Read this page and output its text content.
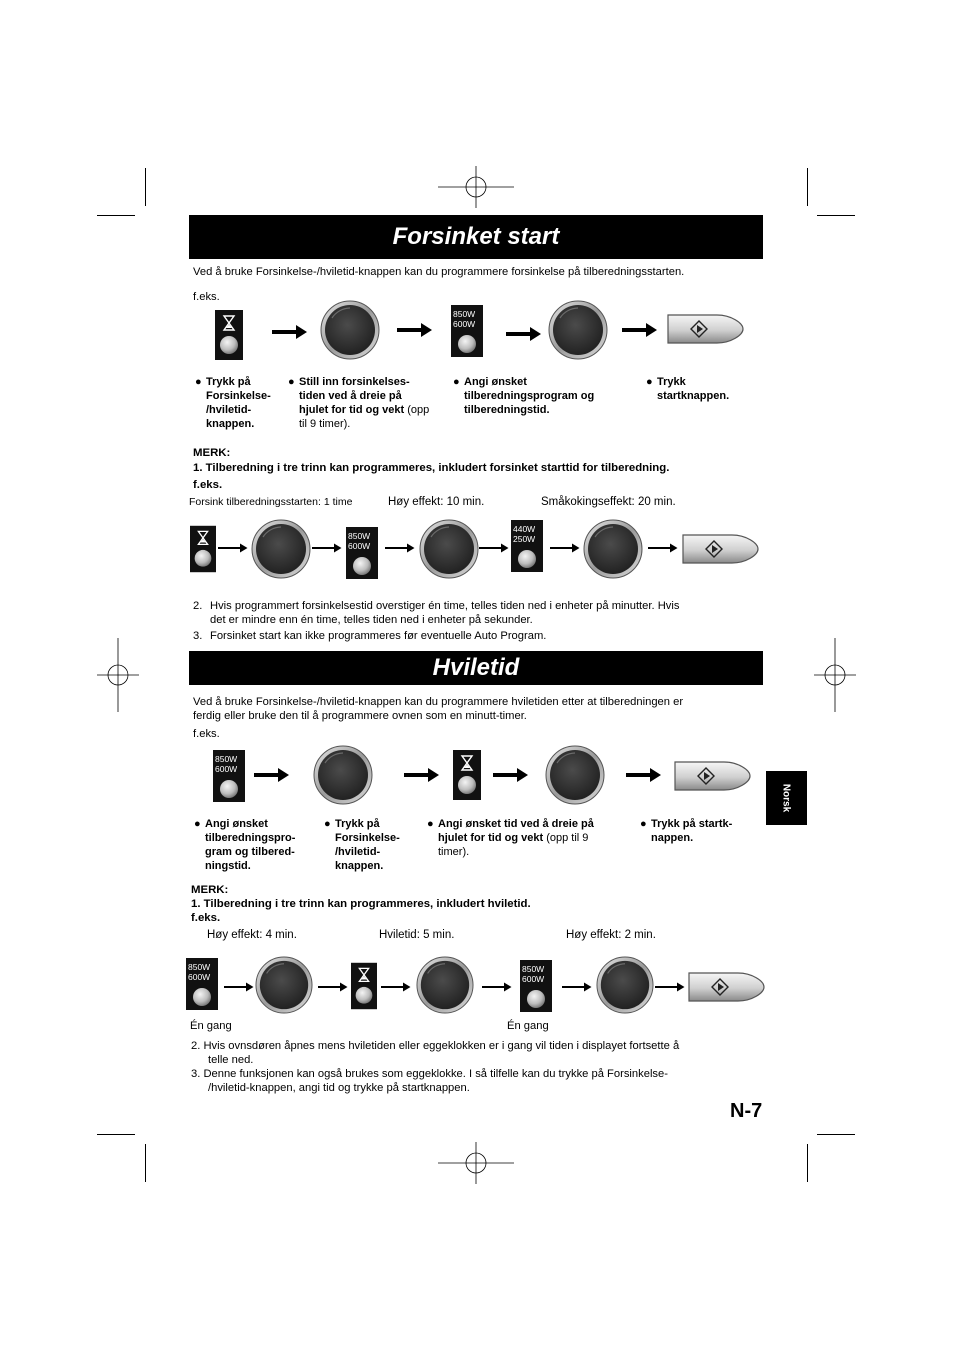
Forsinket start
Ved å bruke Forsinkelse-/hviletid-knappen kan du programmere forsinkelse på tilberedningsstarten.
f.eks.
850W
600W
● Trykk på Forsinkelse- /hviletid- knappen.
● Still inn forsinkelses- tiden ved å dreie på hjulet for tid og vekt (opp til 9 timer).
● Angi ønsket tilberedningsprogram og tilberedningstid.
● Trykk startknappen.
MERK:
1. Tilberedning i tre trinn kan programmeres, inkludert forsinket starttid for tilberedning.
f.eks.
Forsink tilberedningsstarten: 1 time	Høy effekt: 10 min.	Småkokingseffekt: 20 min.
850W
600W
440W
250W
2. Hvis programmert forsinkelsestid overstiger én time, telles tiden ned i enheter på minutter. Hvis
det er mindre enn én time, telles tiden ned i enheter på sekunder.
3. Forsinket start kan ikke programmeres før eventuelle Auto Program.
Hviletid
Ved å bruke Forsinkelse-/hviletid-knappen kan du programmere hviletiden etter at tilberedningen er
ferdig eller bruke den til å programmere ovnen som en minutt-timer.
f.eks.
850W
600W
● Angi ønsket tilberedningspro- gram og tilbered- ningstid.
● Trykk på Forsinkelse- /hviletid- knappen.
● Angi ønsket tid ved å dreie på hjulet for tid og vekt (opp til 9 timer).
● Trykk på startk- nappen.
Norsk
MERK:
1. Tilberedning i tre trinn kan programmeres, inkludert hviletid.
f.eks.
Høy effekt: 4 min.	Hviletid: 5 min.	Høy effekt: 2 min.
850W
600W
850W
600W
Én gang	Én gang
2. Hvis ovnsdøren åpnes mens hviletiden eller eggeklokken er i gang vil tiden i displayet fortsette å
telle ned.
3. Denne funksjonen kan også brukes som eggeklokke. I så tilfelle kan du trykke på Forsinkelse-
/hviletid-knappen, angi tid og trykke på startknappen.
N-7
